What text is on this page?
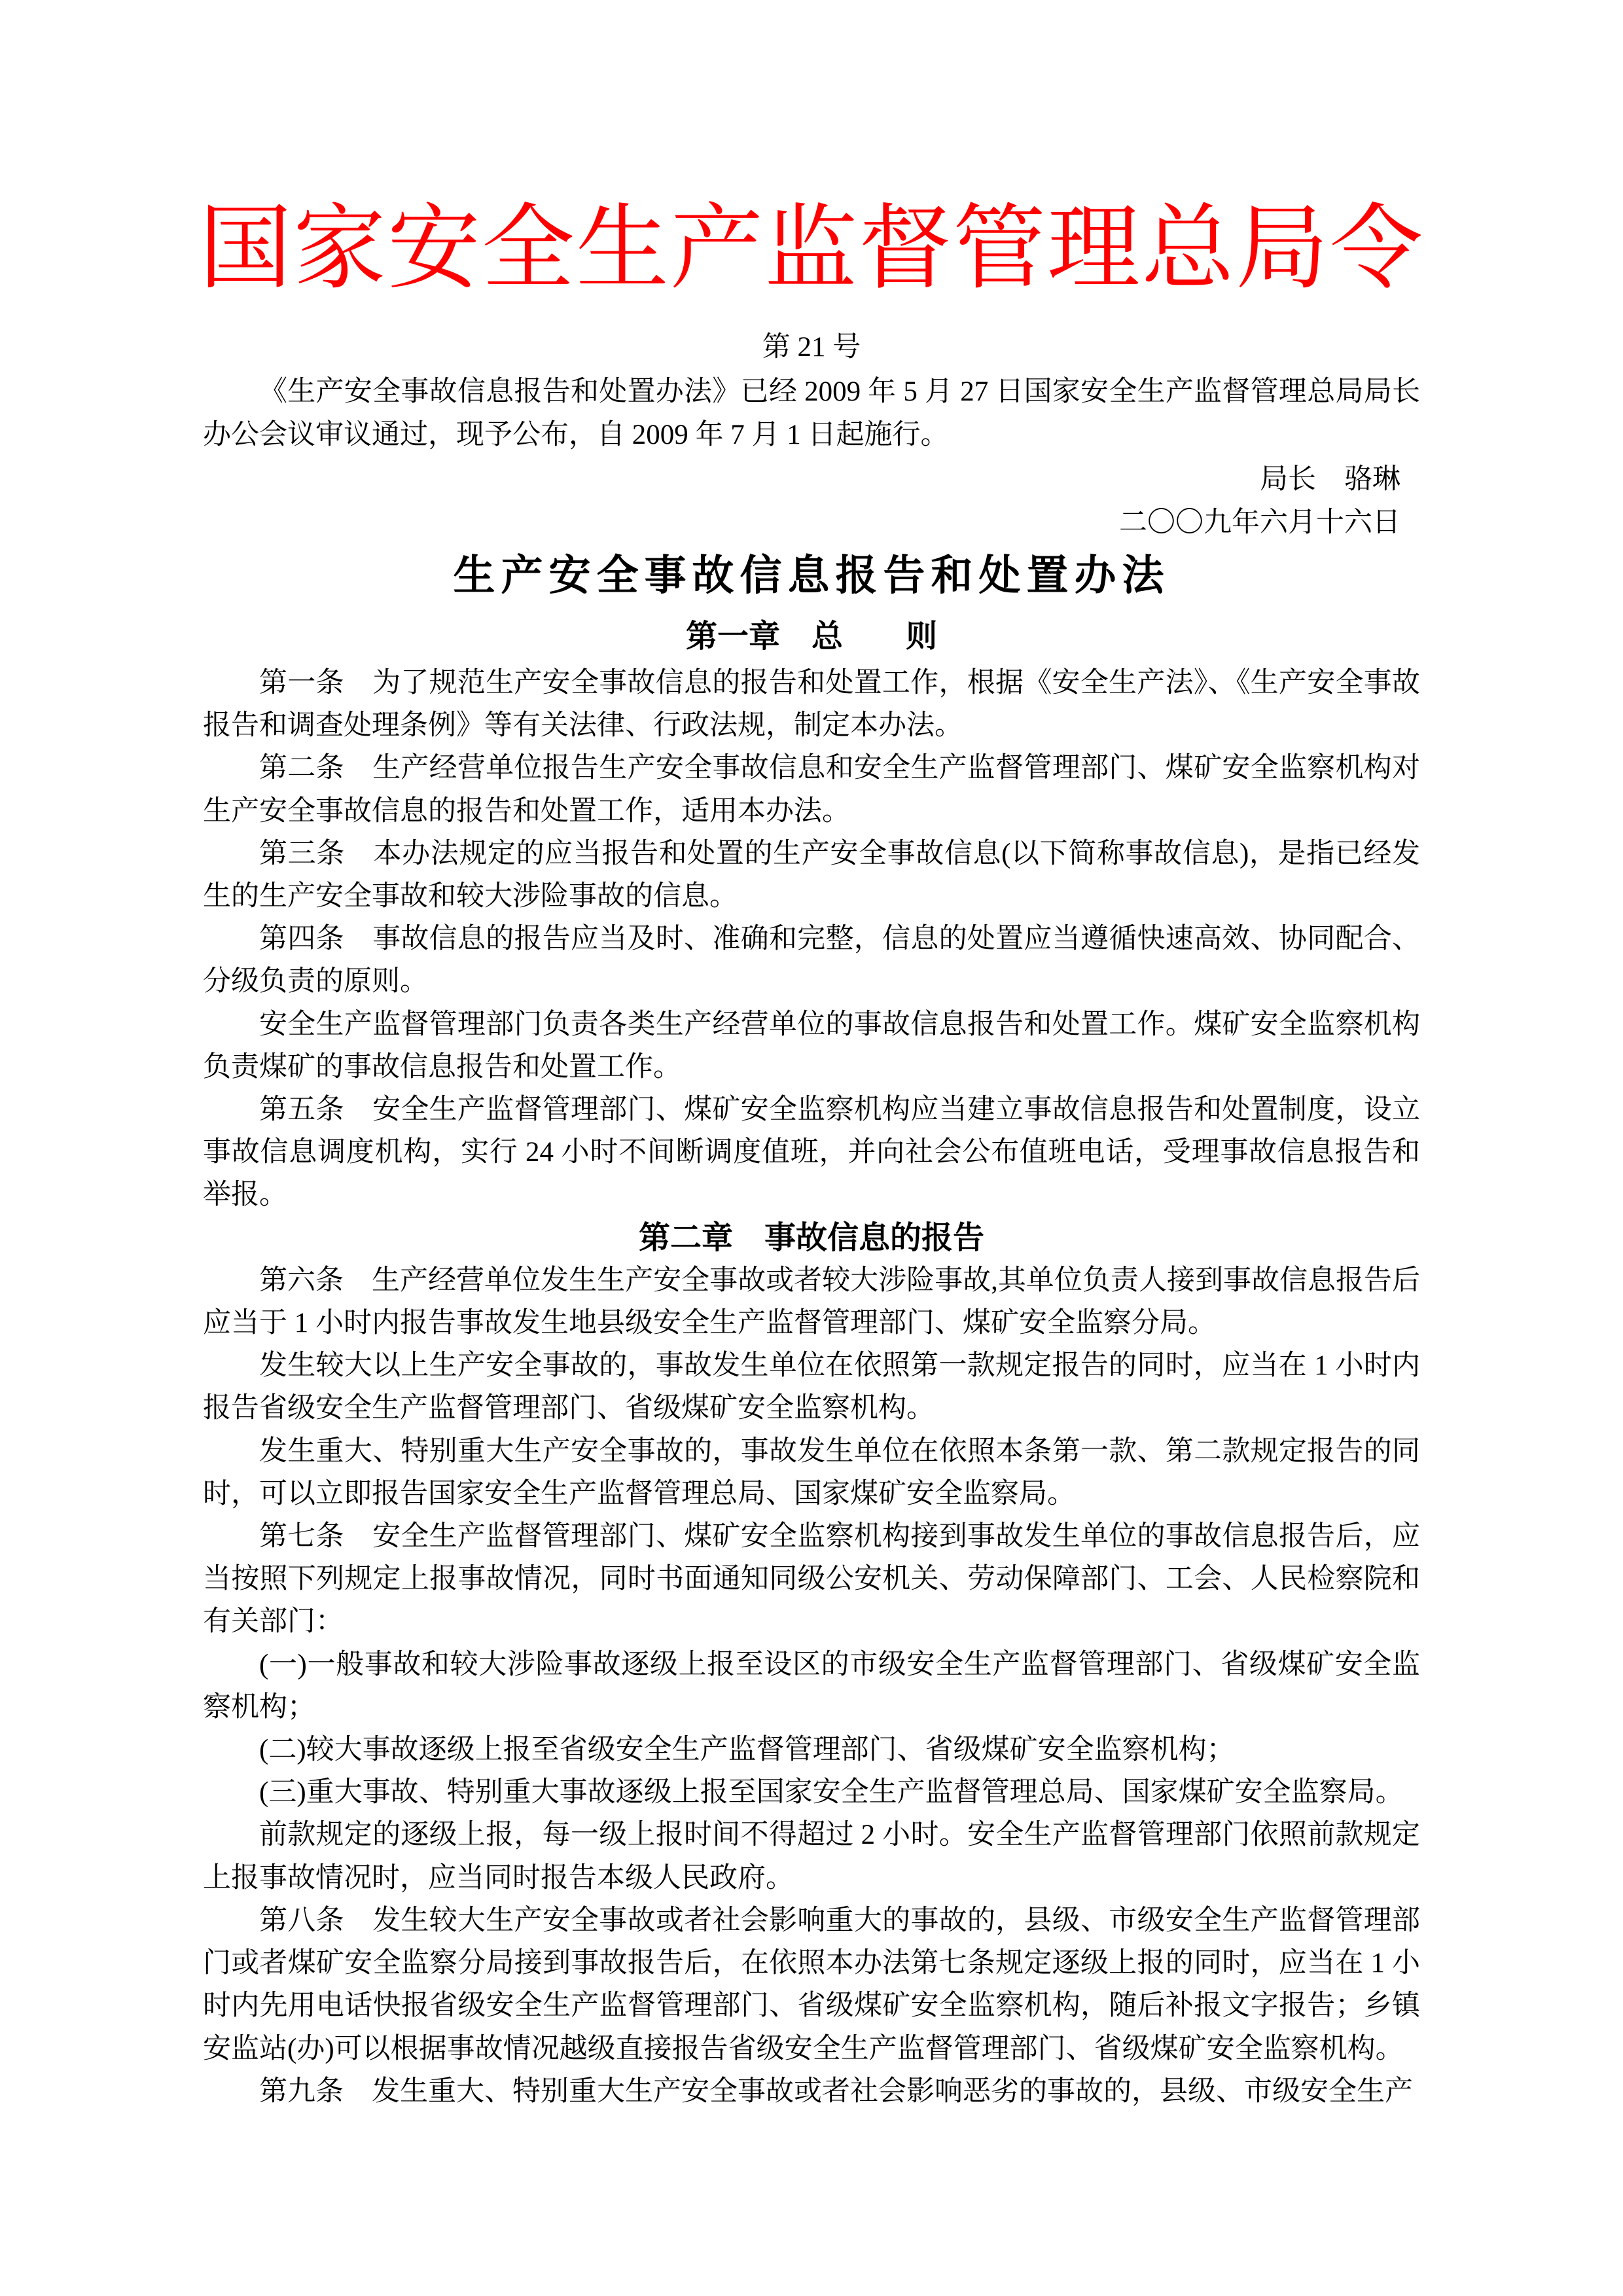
国家安全生产监督管理总局令
第 21 号
《生产安全事故信息报告和处置办法》已经 2009 年 5 月 27 日国家安全生产监督管理总局局长办公会议审议通过，现予公布，自 2009 年 7 月 1 日起施行。
局长　骆琳
二〇〇九年六月十六日
生产安全事故信息报告和处置办法
第一章　总　　则

第一条　为了规范生产安全事故信息的报告和处置工作，根据《安全生产法》、《生产安全事故报告和调查处理条例》等有关法律、行政法规，制定本办法。

第二条　生产经营单位报告生产安全事故信息和安全生产监督管理部门、煤矿安全监察机构对生产安全事故信息的报告和处置工作，适用本办法。

第三条　本办法规定的应当报告和处置的生产安全事故信息(以下简称事故信息)，是指已经发生的生产安全事故和较大涉险事故的信息。

第四条　事故信息的报告应当及时、准确和完整，信息的处置应当遵循快速高效、协同配合、分级负责的原则。

安全生产监督管理部门负责各类生产经营单位的事故信息报告和处置工作。煤矿安全监察机构负责煤矿的事故信息报告和处置工作。

第五条　安全生产监督管理部门、煤矿安全监察机构应当建立事故信息报告和处置制度，设立事故信息调度机构，实行 24 小时不间断调度值班，并向社会公布值班电话，受理事故信息报告和举报。

第二章　事故信息的报告

第六条　生产经营单位发生生产安全事故或者较大涉险事故,其单位负责人接到事故信息报告后应当于 1 小时内报告事故发生地县级安全生产监督管理部门、煤矿安全监察分局。

发生较大以上生产安全事故的，事故发生单位在依照第一款规定报告的同时，应当在 1 小时内报告省级安全生产监督管理部门、省级煤矿安全监察机构。

发生重大、特别重大生产安全事故的，事故发生单位在依照本条第一款、第二款规定报告的同时，可以立即报告国家安全生产监督管理总局、国家煤矿安全监察局。

第七条　安全生产监督管理部门、煤矿安全监察机构接到事故发生单位的事故信息报告后，应当按照下列规定上报事故情况，同时书面通知同级公安机关、劳动保障部门、工会、人民检察院和有关部门：

(一)一般事故和较大涉险事故逐级上报至设区的市级安全生产监督管理部门、省级煤矿安全监察机构；

(二)较大事故逐级上报至省级安全生产监督管理部门、省级煤矿安全监察机构；

(三)重大事故、特别重大事故逐级上报至国家安全生产监督管理总局、国家煤矿安全监察局。

前款规定的逐级上报，每一级上报时间不得超过 2 小时。安全生产监督管理部门依照前款规定上报事故情况时，应当同时报告本级人民政府。

第八条　发生较大生产安全事故或者社会影响重大的事故的，县级、市级安全生产监督管理部门或者煤矿安全监察分局接到事故报告后，在依照本办法第七条规定逐级上报的同时，应当在 1 小时内先用电话快报省级安全生产监督管理部门、省级煤矿安全监察机构，随后补报文字报告；乡镇安监站(办)可以根据事故情况越级直接报告省级安全生产监督管理部门、省级煤矿安全监察机构。

第九条　发生重大、特别重大生产安全事故或者社会影响恶劣的事故的，县级、市级安全生产
